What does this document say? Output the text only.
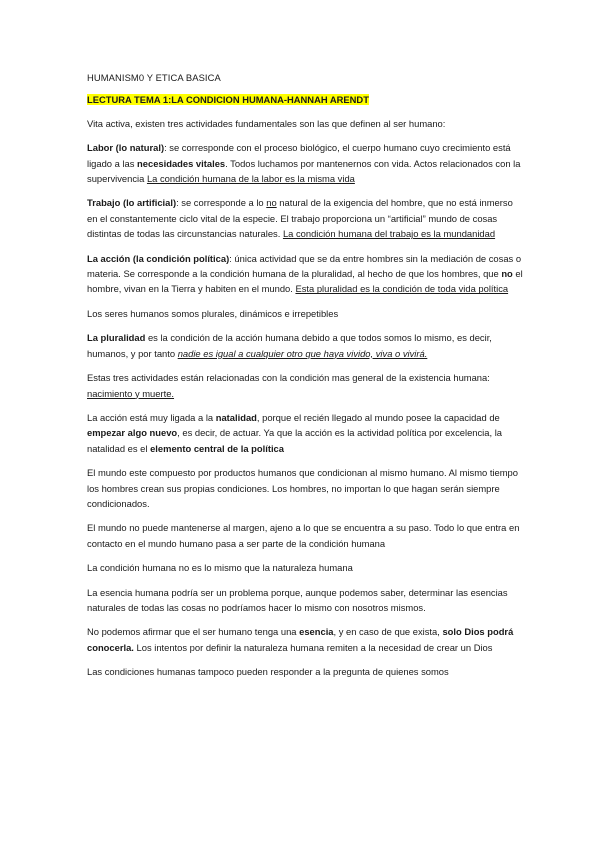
HUMANISM0 Y ETICA BASICA

LECTURA TEMA 1:LA CONDICION HUMANA-HANNAH ARENDT

Vita activa, existen tres actividades fundamentales son las que definen al ser humano:

Labor (lo natural): se corresponde con el proceso biológico, el cuerpo humano cuyo crecimiento está ligado a las necesidades vitales. Todos luchamos por mantenernos con vida. Actos relacionados con la supervivencia La condición humana de la labor es la misma vida

Trabajo (lo artificial): se corresponde a lo no natural de la exigencia del hombre, que no está inmerso en el constantemente ciclo vital de la especie. El trabajo proporciona un “artificial” mundo de cosas distintas de todas las circunstancias naturales. La condición humana del trabajo es la mundanidad

La acción (la condición política): única actividad que se da entre hombres sin la mediación de cosas o materia. Se corresponde a la condición humana de la pluralidad, al hecho de que los hombres, que no el hombre, vivan en la Tierra y habiten en el mundo. Esta pluralidad es la condición de toda vida política

Los seres humanos somos plurales, dinámicos e irrepetibles

La pluralidad es la condición de la acción humana debido a que todos somos lo mismo, es decir, humanos, y por tanto nadie es igual a cualquier otro que haya vivido, viva o vivirá.

Estas tres actividades están relacionadas con la condición mas general de la existencia humana: nacimiento y muerte.

La acción está muy ligada a la natalidad, porque el recién llegado al mundo posee la capacidad de empezar algo nuevo, es decir, de actuar. Ya que la acción es la actividad política por excelencia, la natalidad es el elemento central de la política

El mundo este compuesto por productos humanos que condicionan al mismo humano. Al mismo tiempo los hombres crean sus propias condiciones. Los hombres, no importan lo que hagan serán siempre condicionados.

El mundo no puede mantenerse al margen, ajeno a lo que se encuentra a su paso. Todo lo que entra en contacto en el mundo humano pasa a ser parte de la condición humana

La condición humana no es lo mismo que la naturaleza humana

La esencia humana podría ser un problema porque, aunque podemos saber, determinar las esencias naturales de todas las cosas no podríamos hacer lo mismo con nosotros mismos.

No podemos afirmar que el ser humano tenga una esencia, y en caso de que exista, solo Dios podrá conocerla. Los intentos por definir la naturaleza humana remiten a la necesidad de crear un Dios

Las condiciones humanas tampoco pueden responder a la pregunta de quienes somos
